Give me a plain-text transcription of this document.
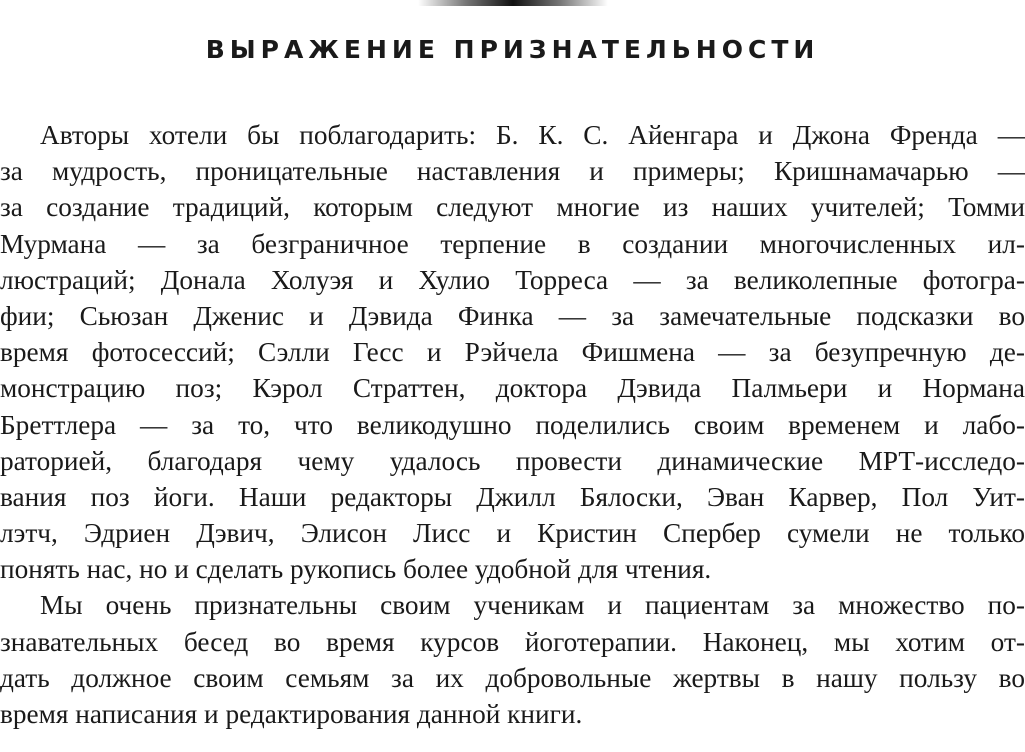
ВЫРАЖЕНИЕ ПРИЗНАТЕЛЬНОСТИ
Авторы хотели бы поблагодарить: Б. К. С. Айенгара и Джона Френда —
за мудрость, проницательные наставления и примеры; Кришнамачарью —
за создание традиций, которым следуют многие из наших учителей; Томми
Мурмана — за безграничное терпение в создании многочисленных ил-
люстраций; Донала Холуэя и Хулио Торреса — за великолепные фотогра-
фии; Сьюзан Дженис и Дэвида Финка — за замечательные подсказки во
время фотосессий; Сэлли Гесс и Рэйчела Фишмена — за безупречную де-
монстрацию поз; Кэрол Страттен, доктора Дэвида Палмьери и Нормана
Бреттлера — за то, что великодушно поделились своим временем и лабо-
раторией, благодаря чему удалось провести динамические МРТ-исследо-
вания поз йоги. Наши редакторы Джилл Бялоски, Эван Карвер, Пол Уит-
лэтч, Эдриен Дэвич, Элисон Лисс и Кристин Спербер сумели не только
понять нас, но и сделать рукопись более удобной для чтения.
Мы очень признательны своим ученикам и пациентам за множество по-
знавательных бесед во время курсов йоготерапии. Наконец, мы хотим от-
дать должное своим семьям за их добровольные жертвы в нашу пользу во
время написания и редактирования данной книги.
